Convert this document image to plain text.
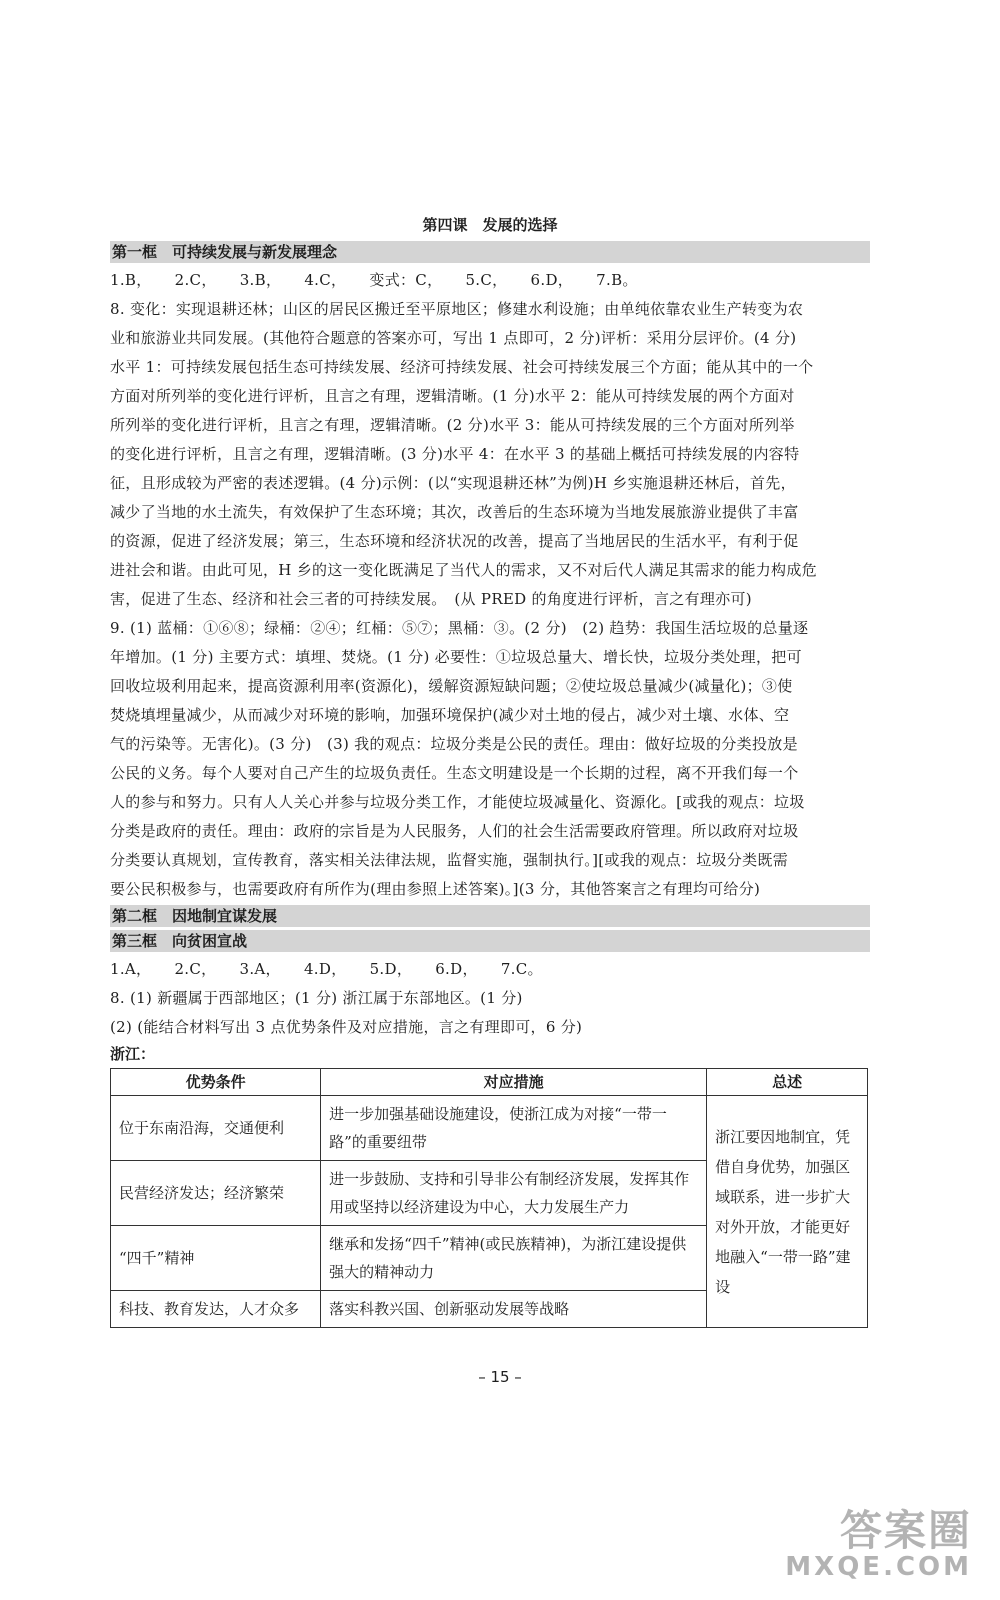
第四课　发展的选择
第一框　可持续发展与新发展理念
1.B， 2.C， 3.B， 4.C， 变式：C， 5.C， 6.D， 7.B。
8. 变化：实现退耕还林；山区的居民区搬迁至平原地区；修建水利设施；由单纯依靠农业生产转变为农
业和旅游业共同发展。(其他符合题意的答案亦可，写出 1 点即可，2 分)评析：采用分层评价。(4 分)
水平 1：可持续发展包括生态可持续发展、经济可持续发展、社会可持续发展三个方面；能从其中的一个
方面对所列举的变化进行评析，且言之有理，逻辑清晰。(1 分)水平 2：能从可持续发展的两个方面对
所列举的变化进行评析，且言之有理，逻辑清晰。(2 分)水平 3：能从可持续发展的三个方面对所列举
的变化进行评析，且言之有理，逻辑清晰。(3 分)水平 4：在水平 3 的基础上概括可持续发展的内容特
征，且形成较为严密的表述逻辑。(4 分)示例：(以“实现退耕还林”为例)H 乡实施退耕还林后，首先，
减少了当地的水土流失，有效保护了生态环境；其次，改善后的生态环境为当地发展旅游业提供了丰富
的资源，促进了经济发展；第三，生态环境和经济状况的改善，提高了当地居民的生活水平，有利于促
进社会和谐。由此可见，H 乡的这一变化既满足了当代人的需求，又不对后代人满足其需求的能力构成危
害，促进了生态、经济和社会三者的可持续发展。　(从 PRED 的角度进行评析，言之有理亦可)
9. (1) 蓝桶：①⑥⑧；绿桶：②④；红桶：⑤⑦；黑桶：③。(2 分)　(2) 趋势：我国生活垃圾的总量逐
年增加。(1 分) 主要方式：填埋、焚烧。(1 分) 必要性：①垃圾总量大、增长快，垃圾分类处理，把可
回收垃圾利用起来，提高资源利用率(资源化)，缓解资源短缺问题；②使垃圾总量减少(减量化)；③使
焚烧填埋量减少，从而减少对环境的影响，加强环境保护(减少对土地的侵占，减少对土壤、水体、空
气的污染等。无害化)。(3 分)　(3) 我的观点：垃圾分类是公民的责任。理由：做好垃圾的分类投放是
公民的义务。每个人要对自己产生的垃圾负责任。生态文明建设是一个长期的过程，离不开我们每一个
人的参与和努力。只有人人关心并参与垃圾分类工作，才能使垃圾减量化、资源化。[或我的观点：垃圾
分类是政府的责任。理由：政府的宗旨是为人民服务，人们的社会生活需要政府管理。所以政府对垃圾
分类要认真规划，宣传教育，落实相关法律法规，监督实施，强制执行。][或我的观点：垃圾分类既需
要公民积极参与，也需要政府有所作为(理由参照上述答案)。](3 分，其他答案言之有理均可给分)
第二框　因地制宜谋发展
第三框　向贫困宣战
1.A， 2.C， 3.A， 4.D， 5.D， 6.D， 7.C。
8. (1) 新疆属于西部地区；(1 分) 浙江属于东部地区。(1 分)
(2) (能结合材料写出 3 点优势条件及对应措施，言之有理即可，6 分)
浙江：
优势条件	对应措施	总述
位于东南沿海，交通便利	进一步加强基础设施建设，使浙江成为对接“一带一路”的重要纽带	浙江要因地制宜，凭借自身优势，加强区域联系，进一步扩大对外开放，才能更好地融入“一带一路”建设
民营经济发达；经济繁荣	进一步鼓励、支持和引导非公有制经济发展，发挥其作用或坚持以经济建设为中心，大力发展生产力	
“四千”精神	继承和发扬“四千”精神(或民族精神)，为浙江建设提供强大的精神动力	
科技、教育发达，人才众多	落实科教兴国、创新驱动发展等战略	
– 15 –
答案圈
MXQE.COM
